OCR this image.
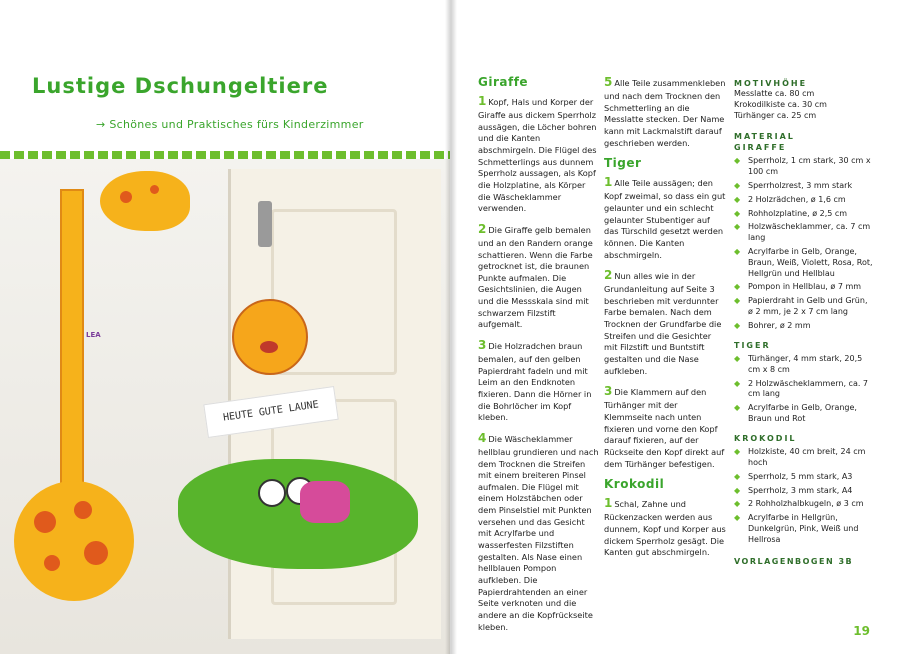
Lustige Dschungeltiere
→ Schönes und Praktisches fürs Kinderzimmer
LEA
HEUTE GUTE LAUNE
Giraffe
1 Kopf, Hals und Korper der Giraffe aus dickem Sperrholz aussägen, die Löcher bohren und die Kanten abschmirgeln. Die Flügel des Schmetterlings aus dunnem Sperrholz aussagen, als Kopf die Holzplatine, als Körper die Wäscheklammer verwenden.
2 Die Giraffe gelb bemalen und an den Randern orange schattieren. Wenn die Farbe getrocknet ist, die braunen Punkte aufmalen. Die Gesichtslinien, die Augen und die Messskala sind mit schwarzem Filzstift aufgemalt.
3 Die Holzradchen braun bemalen, auf den gelben Papierdraht fadeln und mit Leim an den Endknoten fixieren. Dann die Hörner in die Bohrlöcher im Kopf kleben.
4 Die Wäscheklammer hellblau grundieren und nach dem Trocknen die Streifen mit einem breiteren Pinsel aufmalen. Die Flügel mit einem Holzstäbchen oder dem Pinselstiel mit Punkten versehen und das Gesicht mit Acrylfarbe und wasserfesten Filzstiften gestalten. Als Nase einen hellblauen Pompon aufkleben. Die Papierdrahtenden an einer Seite verknoten und die andere an die Kopfrückseite kleben.
5 Alle Teile zusammenkleben und nach dem Trocknen den Schmetterling an die Messlatte stecken. Der Name kann mit Lackmalstift darauf geschrieben werden.
Tiger
1 Alle Teile aussägen; den Kopf zweimal, so dass ein gut gelaunter und ein schlecht gelaunter Stubentiger auf das Türschild gesetzt werden können. Die Kanten abschmirgeln.
2 Nun alles wie in der Grundanleitung auf Seite 3 beschrieben mit verdunnter Farbe bemalen. Nach dem Trocknen der Grundfarbe die Streifen und die Gesichter mit Filzstift und Buntstift gestalten und die Nase aufkleben.
3 Die Klammern auf den Türhänger mit der Klemmseite nach unten fixieren und vorne den Kopf darauf fixieren, auf der Rückseite den Kopf direkt auf dem Türhänger befestigen.
Krokodil
1 Schal, Zahne und Rückenzacken werden aus dunnem, Kopf und Korper aus dickem Sperrholz gesägt. Die Kanten gut abschmirgeln.
MOTIVHÖHE
Messlatte ca. 80 cm
Krokodilkiste ca. 30 cm
Türhänger ca. 25 cm
MATERIAL
GIRAFFE
◆ Sperrholz, 1 cm stark, 30 cm x 100 cm
◆ Sperrholzrest, 3 mm stark
◆ 2 Holzrädchen, ø 1,6 cm
◆ Rohholzplatine, ø 2,5 cm
◆ Holzwäscheklammer, ca. 7 cm lang
◆ Acrylfarbe in Gelb, Orange, Braun, Weiß, Violett, Rosa, Rot, Hellgrün und Hellblau
◆ Pompon in Hellblau, ø 7 mm
◆ Papierdraht in Gelb und Grün, ø 2 mm, je 2 x 7 cm lang
◆ Bohrer, ø 2 mm
TIGER
◆ Türhänger, 4 mm stark, 20,5 cm x 8 cm
◆ 2 Holzwäscheklammern, ca. 7 cm lang
◆ Acrylfarbe in Gelb, Orange, Braun und Rot
KROKODIL
◆ Holzkiste, 40 cm breit, 24 cm hoch
◆ Sperrholz, 5 mm stark, A3
◆ Sperrholz, 3 mm stark, A4
◆ 2 Rohholzhalbkugeln, ø 3 cm
◆ Acrylfarbe in Hellgrün, Dunkelgrün, Pink, Weiß und Hellrosa
VORLAGENBOGEN 3B
19
